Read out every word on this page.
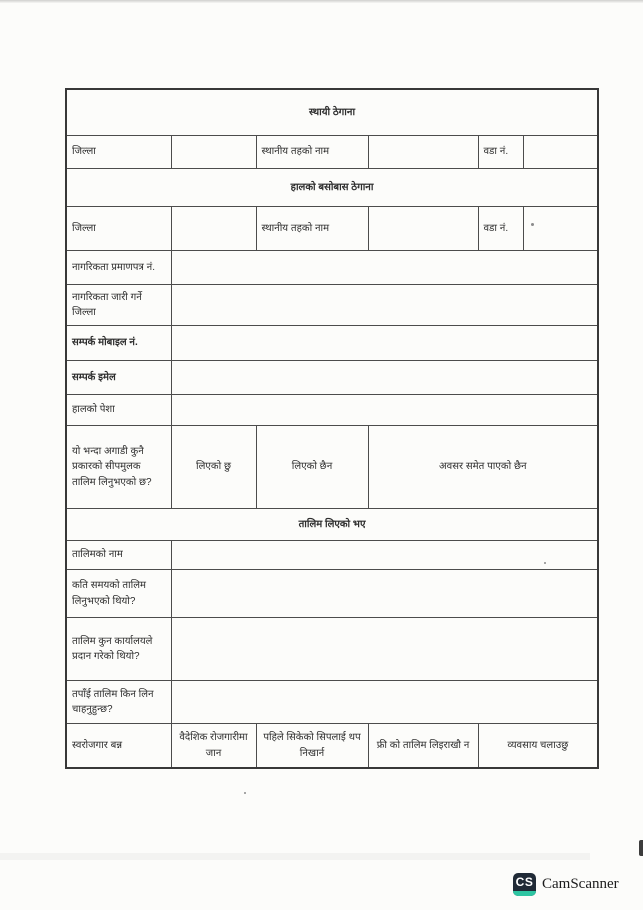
स्थायी ठेगाना					
जिल्ला		स्थानीय तहको नाम		वडा नं.	
हालको बसोबास ठेगाना					
जिल्ला		स्थानीय तहको नाम		वडा नं.	
नागरिकता प्रमाणपत्र नं.					
नागरिकता जारी गर्ने जिल्ला					
सम्पर्क मोबाइल नं.					
सम्पर्क इमेल					
हालको पेशा					
यो भन्दा अगाडी कुनै प्रकारको सीपमुलक तालिम लिनुभएको छ?	लिएको छु	लिएको छैन	अवसर समेत पाएको छैन		
तालिम लिएको भए					
तालिमको नाम					
कति समयको तालिम लिनुभएको थियो?					
तालिम कुन कार्यालयले प्रदान गरेको थियो?					
तपाँई तालिम किन लिन चाहनुहुन्छ?					
स्वरोजगार बन्न	वैदेशिक रोजगारीमा जान	पहिले सिकेको सिपलाई थप निखार्न	फ्री को तालिम लिइराखौ न	व्यवसाय चलाउछु	
CS CamScanner
